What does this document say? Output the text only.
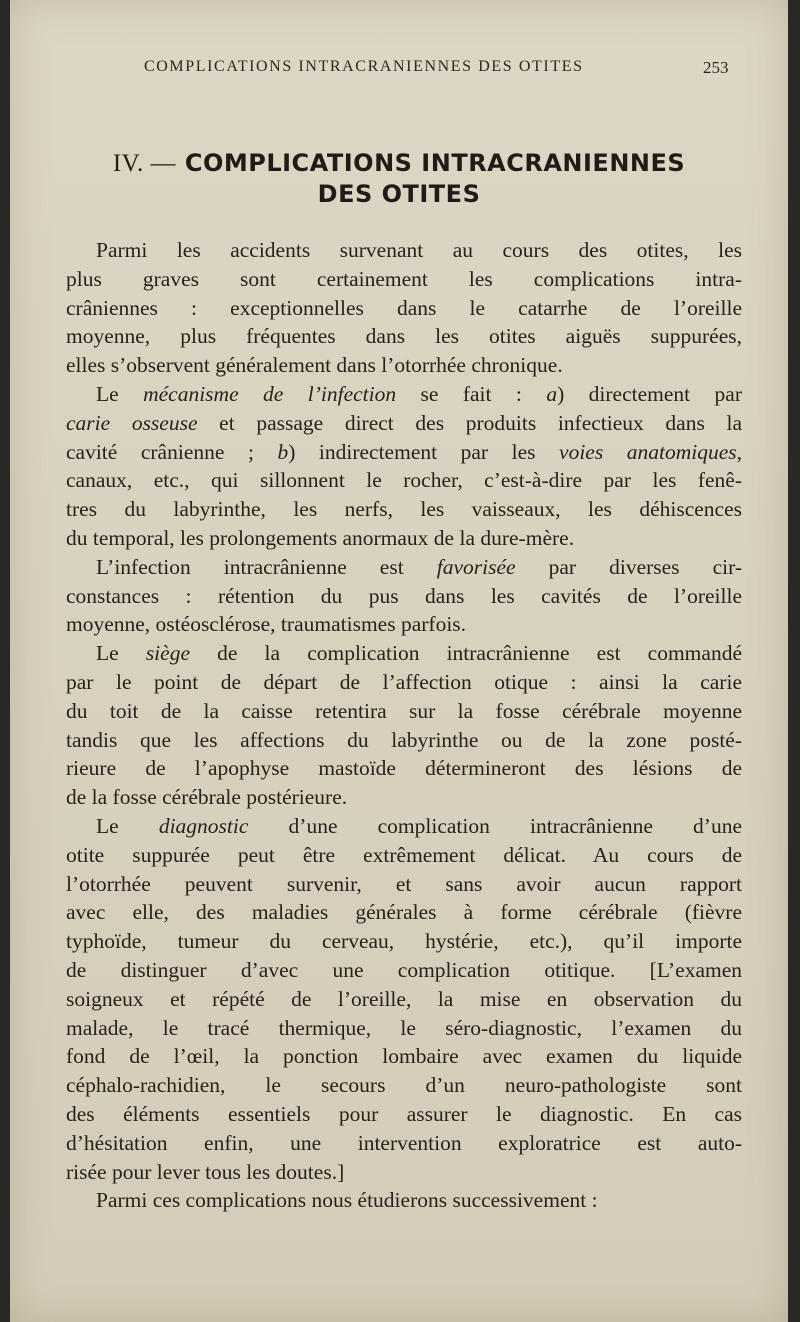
COMPLICATIONS INTRACRANIENNES DES OTITES	253
IV. — COMPLICATIONS INTRACRANIENNES
DES OTITES
Parmi les accidents survenant au cours des otites, les
plus graves sont certainement les complications intra-
crâniennes : exceptionnelles dans le catarrhe de l’oreille
moyenne, plus fréquentes dans les otites aiguës suppurées,
elles s’observent généralement dans l’otorrhée chronique.
Le mécanisme de l’infection se fait : a) directement par
carie osseuse et passage direct des produits infectieux dans la
cavité crânienne ; b) indirectement par les voies anatomiques,
canaux, etc., qui sillonnent le rocher, c’est-à-dire par les fenê-
tres du labyrinthe, les nerfs, les vaisseaux, les déhiscences
du temporal, les prolongements anormaux de la dure-mère.
L’infection intracrânienne est favorisée par diverses cir-
constances : rétention du pus dans les cavités de l’oreille
moyenne, ostéosclérose, traumatismes parfois.
Le siège de la complication intracrânienne est commandé
par le point de départ de l’affection otique : ainsi la carie
du toit de la caisse retentira sur la fosse cérébrale moyenne
tandis que les affections du labyrinthe ou de la zone posté-
rieure de l’apophyse mastoïde détermineront des lésions de
de la fosse cérébrale postérieure.
Le diagnostic d’une complication intracrânienne d’une
otite suppurée peut être extrêmement délicat. Au cours de
l’otorrhée peuvent survenir, et sans avoir aucun rapport
avec elle, des maladies générales à forme cérébrale (fièvre
typhoïde, tumeur du cerveau, hystérie, etc.), qu’il importe
de distinguer d’avec une complication otitique. [L’examen
soigneux et répété de l’oreille, la mise en observation du
malade, le tracé thermique, le séro-diagnostic, l’examen du
fond de l’œil, la ponction lombaire avec examen du liquide
céphalo-rachidien, le secours d’un neuro-pathologiste sont
des éléments essentiels pour assurer le diagnostic. En cas
d’hésitation enfin, une intervention exploratrice est auto-
risée pour lever tous les doutes.]
Parmi ces complications nous étudierons successivement :
